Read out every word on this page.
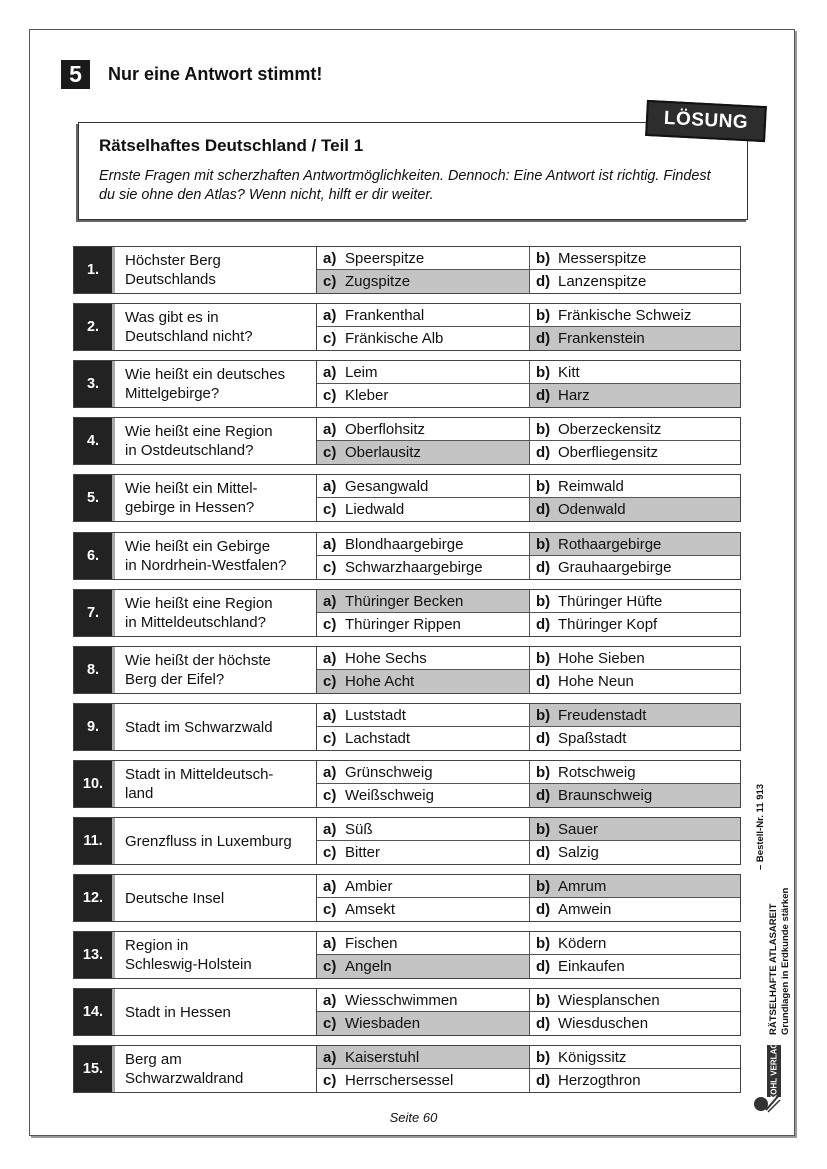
5	Nur eine Antwort stimmt!
Rätselhaftes Deutschland / Teil 1
Ernste Fragen mit scherzhaften Antwortmöglichkeiten. Dennoch: Eine Antwort ist richtig. Findest du sie ohne den Atlas? Wenn nicht, hilft er dir weiter.
LÖSUNG
1.
Höchster Berg
Deutschlands
a) Speerspitze	b) Messerspitze
c) Zugspitze	d) Lanzenspitze
2.
Was gibt es in
Deutschland nicht?
a) Frankenthal	b) Fränkische Schweiz
c) Fränkische Alb	d) Frankenstein
3.
Wie heißt ein deutsches
Mittelgebirge?
a) Leim	b) Kitt
c) Kleber	d) Harz
4.
Wie heißt eine Region
in Ostdeutschland?
a) Oberflohsitz	b) Oberzeckensitz
c) Oberlausitz	d) Oberfliegensitz
5.
Wie heißt ein Mittel-
gebirge in Hessen?
a) Gesangwald	b) Reimwald
c) Liedwald	d) Odenwald
6.
Wie heißt ein Gebirge
in Nordrhein-Westfalen?
a) Blondhaargebirge	b) Rothaargebirge
c) Schwarzhaargebirge	d) Grauhaargebirge
7.
Wie heißt eine Region
in Mitteldeutschland?
a) Thüringer Becken	b) Thüringer Hüfte
c) Thüringer Rippen	d) Thüringer Kopf
8.
Wie heißt der höchste
Berg der Eifel?
a) Hohe Sechs	b) Hohe Sieben
c) Hohe Acht	d) Hohe Neun
9.	Stadt im Schwarzwald
a) Luststadt	b) Freudenstadt
c) Lachstadt	d) Spaßstadt
10.
Stadt in Mitteldeutsch-
land
a) Grünschweig	b) Rotschweig
c) Weißschweig	d) Braunschweig
11.	Grenzfluss in Luxemburg
a) Süß	b) Sauer
c) Bitter	d) Salzig
12.	Deutsche Insel
a) Ambier	b) Amrum
c) Amsekt	d) Amwein
13.
Region in
Schleswig-Holstein
a) Fischen	b) Ködern
c) Angeln	d) Einkaufen
14.	Stadt in Hessen
a) Wiesschwimmen	b) Wiesplanschen
c) Wiesbaden	d) Wiesduschen
15.
Berg am
Schwarzwaldrand
a) Kaiserstuhl	b) Königssitz
c) Herrschersessel	d) Herzogthron
Seite 60
– Bestell-Nr. 11 913
RÄTSELHAFTE ATLASAREIT Grundlagen in Erdkunde stärken
KOHL VERLAG
